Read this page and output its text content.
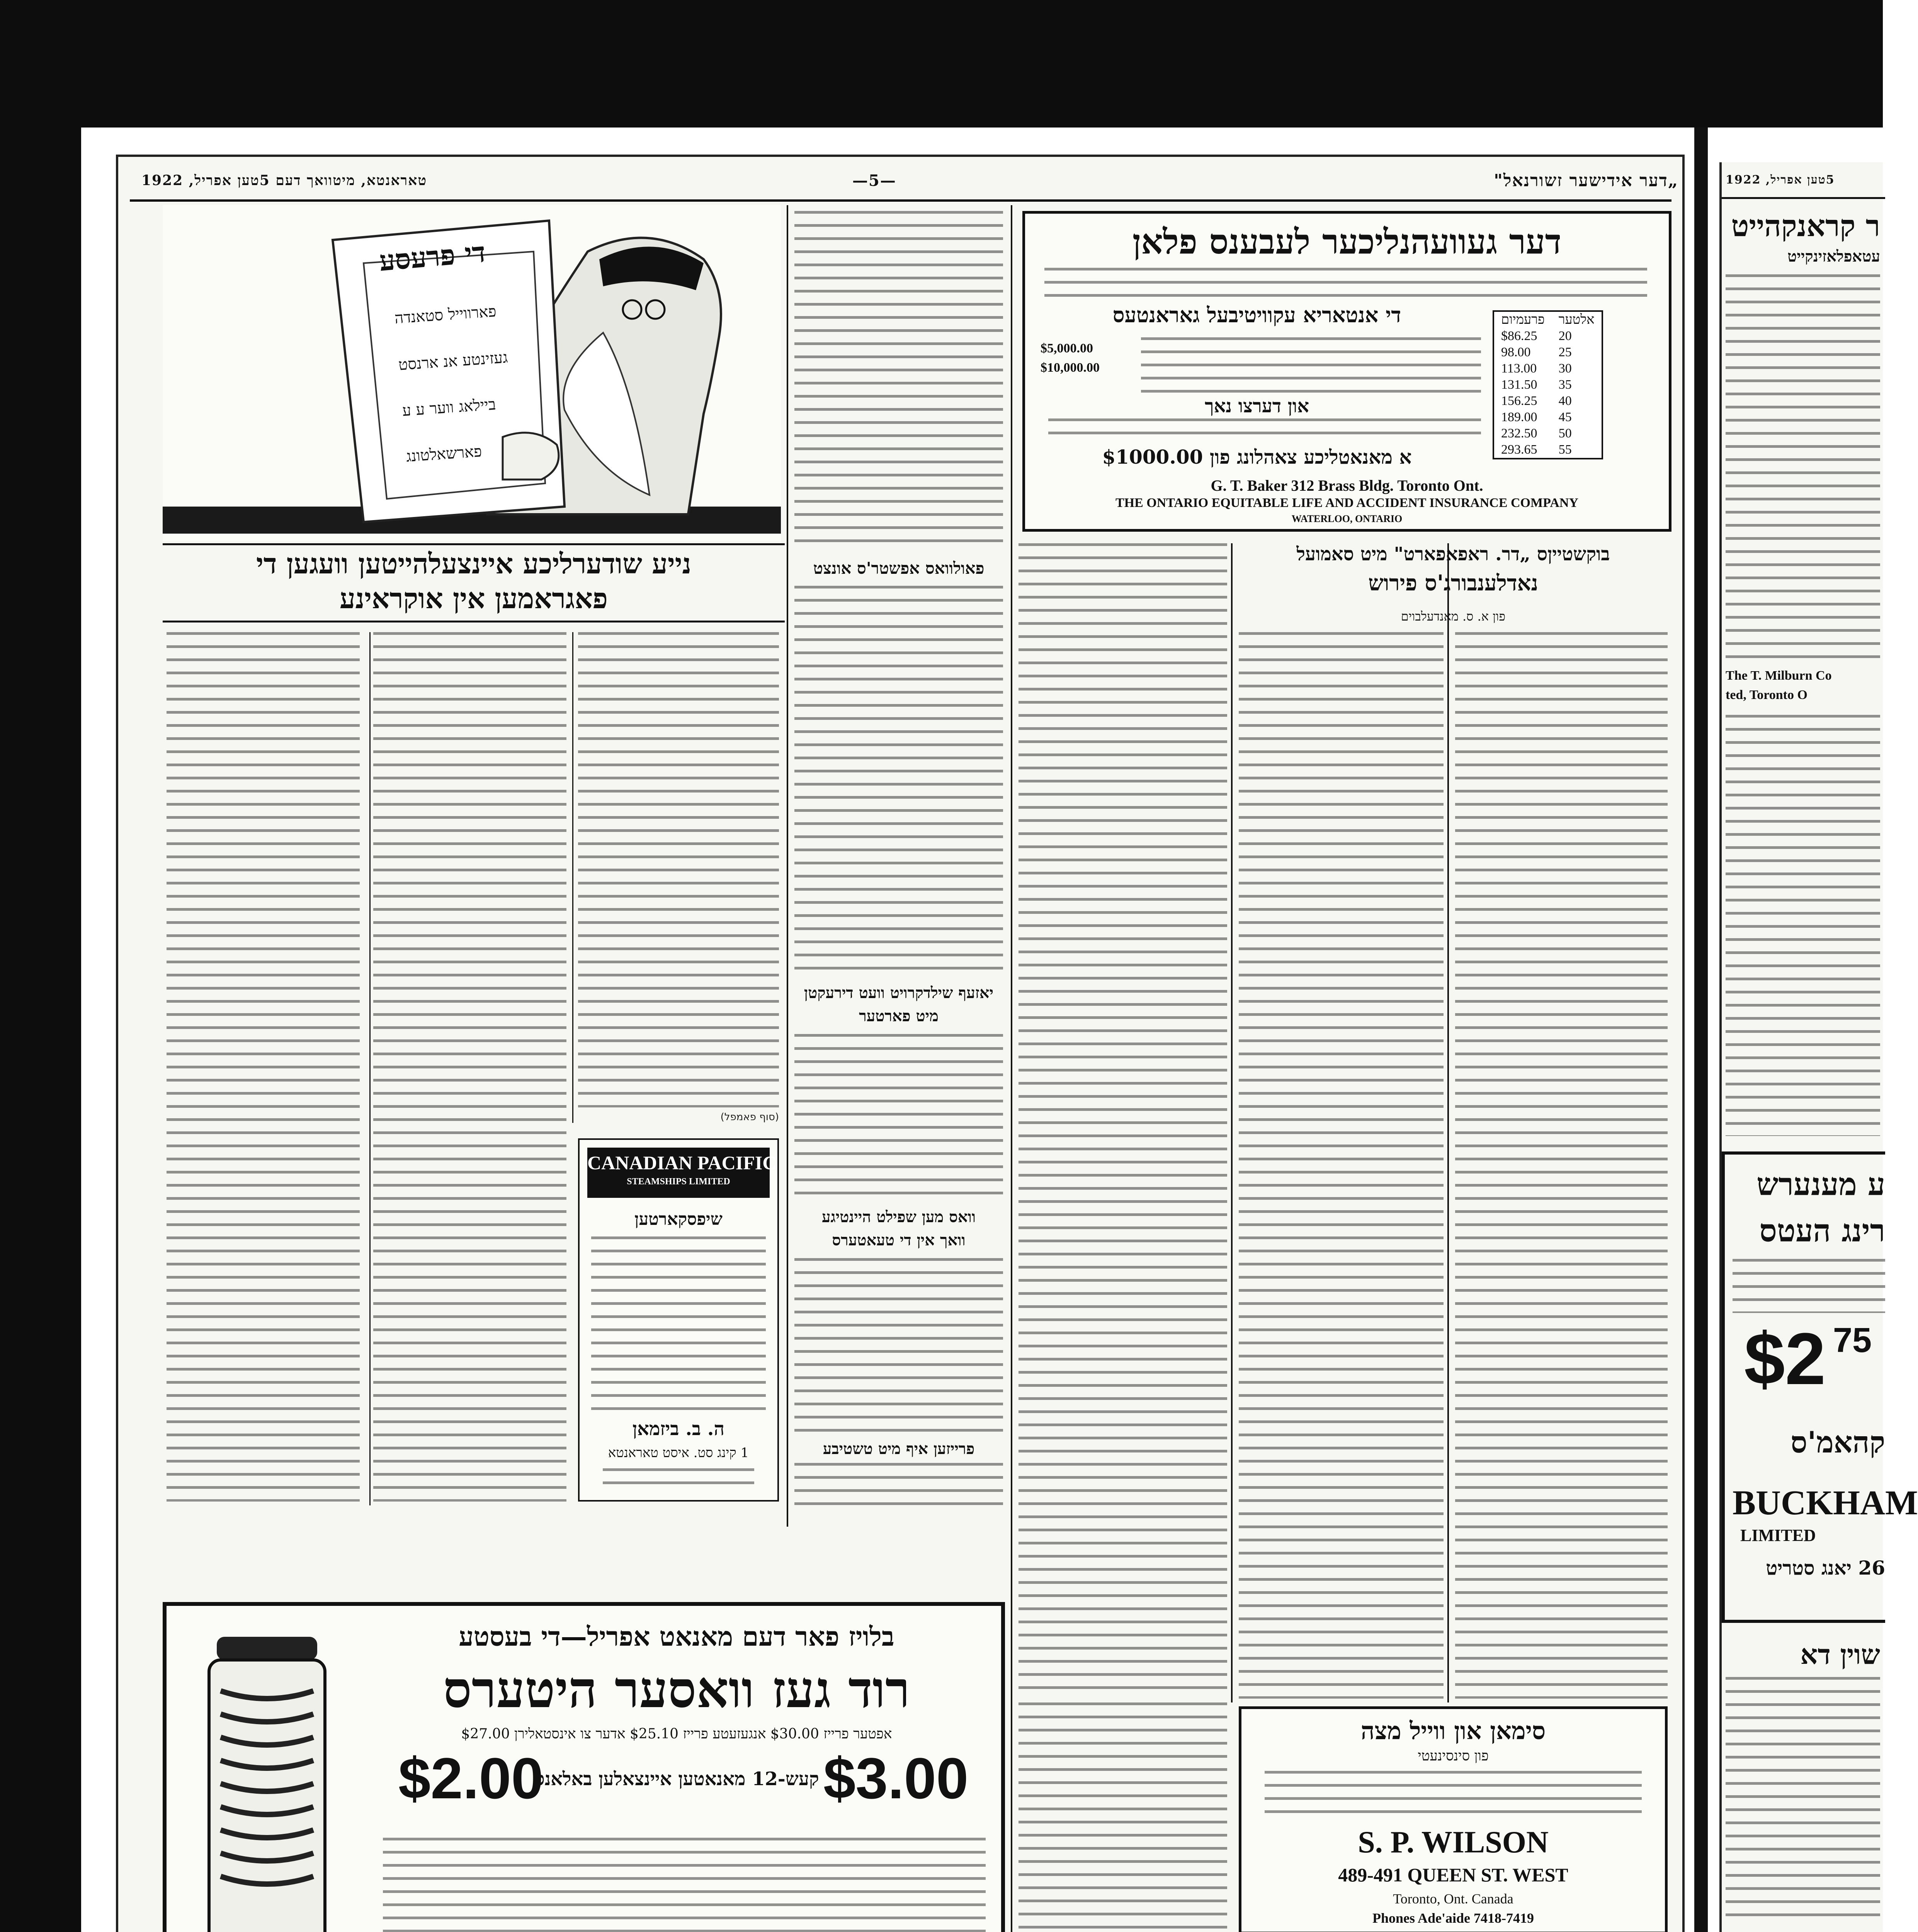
טאראנטא, מיטוואך דעם 5טען אפריל, 1922	—5—	„דער אידישער זשורנאל"
די פרעסע
פארווייל סטאנדה
געזינטע אנ ארנסט
ביילאג ווער ע ע
פארשאלטונג
פאולוואס אפשטר'ס אונצט
דער געוועהנליכער לעבענס פלאן
די אנטאריא עקוויטיבעל גאראנטעס	פרעמיום	אלטער
$86.25	20
98.00	25
113.00	30
131.50	35
156.25	40
189.00	45
232.50	50
293.65	55
$5,000.00
$10,000.00
און דערצו נאך
א מאנאטליכע צאהלונג פון $1000.00
G. T. Baker 312 Brass Bldg. Toronto Ont.
THE ONTARIO EQUITABLE LIFE AND ACCIDENT INSURANCE COMPANY
WATERLOO, ONTARIO
נייע שודערליכע איינצעלהייטען וועגען די
פאגראמען אין אוקראינע
(סוף פאמפל)
CANADIAN PACIFIC
STEAMSHIPS LIMITED
שיפסקארטען
ה. ב. ביזמאן
1 קינג סט. איסט טאראנטא
יאזעף שילדקרויט וועט דירעקטן
מיט פארטער
וואס מען שפילט היינטיגע
וואך אין די טעאטערס
פרייזען איף מיט טשטיבע
בוקשטייןס „דר. ראפאפארט" מיט סאמועל
נאדלענבורג'ס פירוש
פון א. ס. מאנדעלבוים
סימאן און ווייל מצה
פון סינסינעטי
S. P. WILSON
489-491 QUEEN ST. WEST
Toronto, Ont. Canada
Phones Ade'aide 7418-7419
בלויז פאר דעם מאנאט אפריל—די בעסטע
רוד געז וואסער היטערס
אפטער פרייז $30.00 אנגעזעטע פרייז $25.10 אדער צו אינסטאלירן $27.00
$2.00	$3.00
קעש-12 מאנאטען איינצאלען באלאנס
5טען אפריל, 1922
ר קראנקהייט
עטאפלאזינקייט
The T. Milburn Co
ted, Toronto O
ע מענערש
רינג העטס
$2 75
קהאמ'ס
BUCKHAM
LIMITED
26 יאנג סטריט
שוין דא
